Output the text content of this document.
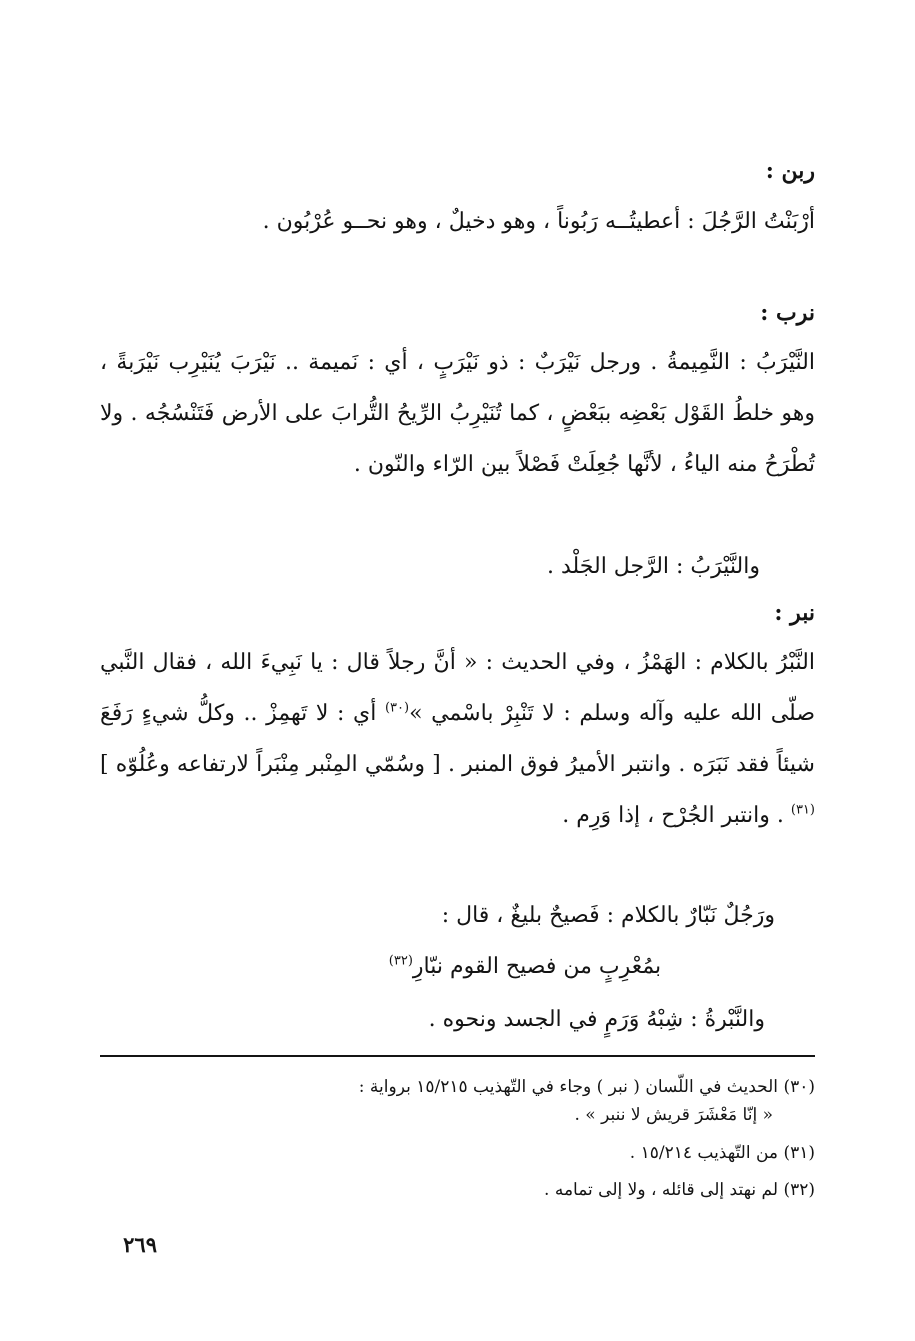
ربن :
أرْبَنْتُ الرَّجُلَ : أعطيتُــه رَبُوناً ، وهو دخيلٌ ، وهو نحــو عُرْبُون .
نرب :
النَّيْرَبُ : النَّمِيمةُ . ورجل نَيْرَبٌ : ذو نَيْرَبٍ ، أي : نَميمة .. نَيْرَبَ يُنَيْرِب نَيْرَبةً ، وهو خلطُ القَوْل بَعْضِه ببَعْضٍ ، كما تُنَيْرِبُ الرِّيحُ التُّرابَ على الأرض فَتَنْسُجُه . ولا تُطْرَحُ منه الياءُ ، لأنَّها جُعِلَتْ فَصْلاً بين الرّاء والنّون .
والنَّيْرَبُ : الرَّجل الجَلْد .
نبر :
النَّبْرُ بالكلام : الهَمْزُ ، وفي الحديث : « أنَّ رجلاً قال : يا نَبِيءَ الله ، فقال النَّبي صلّى الله عليه وآله وسلم : لا تَنْبِرْ باسْمي »$^{(٣٠)}$ أي : لا تَهمِزْ .. وكلُّ شيءٍ رَفَعَ شيئاً فقد نَبَرَه . وانتبر الأميرُ فوق المنبر . [ وسُمّي المِنْبر مِنْبَراً لارتفاعه وعُلُوّه ]$^{(٣١)}$ . وانتبر الجُرْح ، إذا وَرِم .
ورَجُلٌ نَبّارٌ بالكلام : فَصيحٌ بليغٌ ، قال :
بمُعْرِبٍ من فصيح القوم نبّارِ$^{(٣٢)}$
والنَّبْرةُ : شِبْهُ وَرَمٍ في الجسد ونحوه .
(٣٠) الحديث في اللّسان ( نبر ) وجاء في التّهذيب ١٥/٢١٥ برواية :
« إنّا مَعْشَرَ قريش لا ننبر » .
(٣١) من التّهذيب ١٥/٢١٤ .
(٣٢) لم نهتد إلى قائله ، ولا إلى تمامه .
٢٦٩
